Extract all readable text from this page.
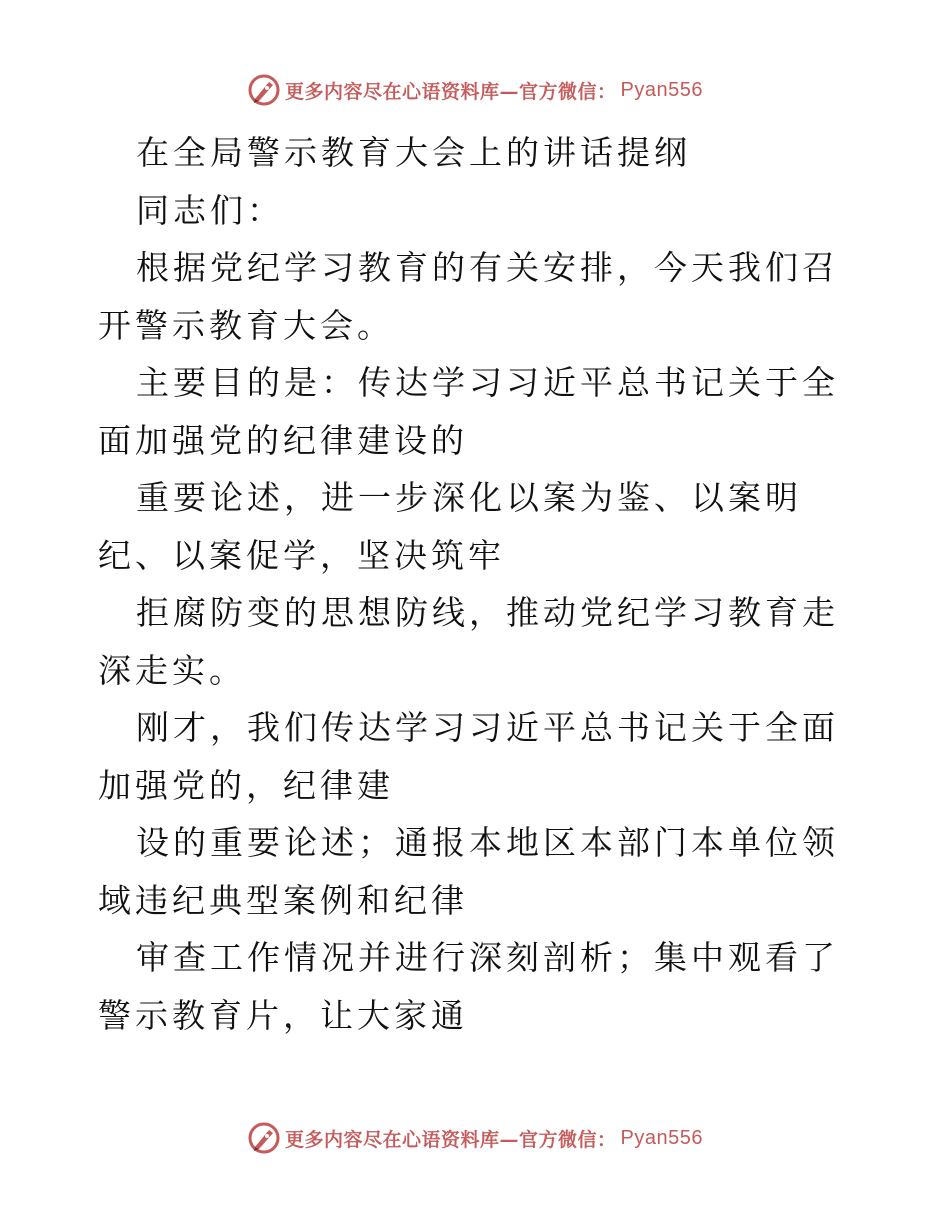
更多内容尽在心语资料库—官方微信： Pyan556

在全局警示教育大会上的讲话提纲

同志们：

根据党纪学习教育的有关安排，今天我们召开警示教育大会。

主要目的是：传达学习习近平总书记关于全面加强党的纪律建设的

重要论述，进一步深化以案为鉴、以案明纪、以案促学，坚决筑牢

拒腐防变的思想防线，推动党纪学习教育走深走实。

刚才，我们传达学习习近平总书记关于全面加强党的，纪律建

设的重要论述；通报本地区本部门本单位领域违纪典型案例和纪律

审查工作情况并进行深刻剖析；集中观看了警示教育片，让大家通

更多内容尽在心语资料库—官方微信： Pyan556
